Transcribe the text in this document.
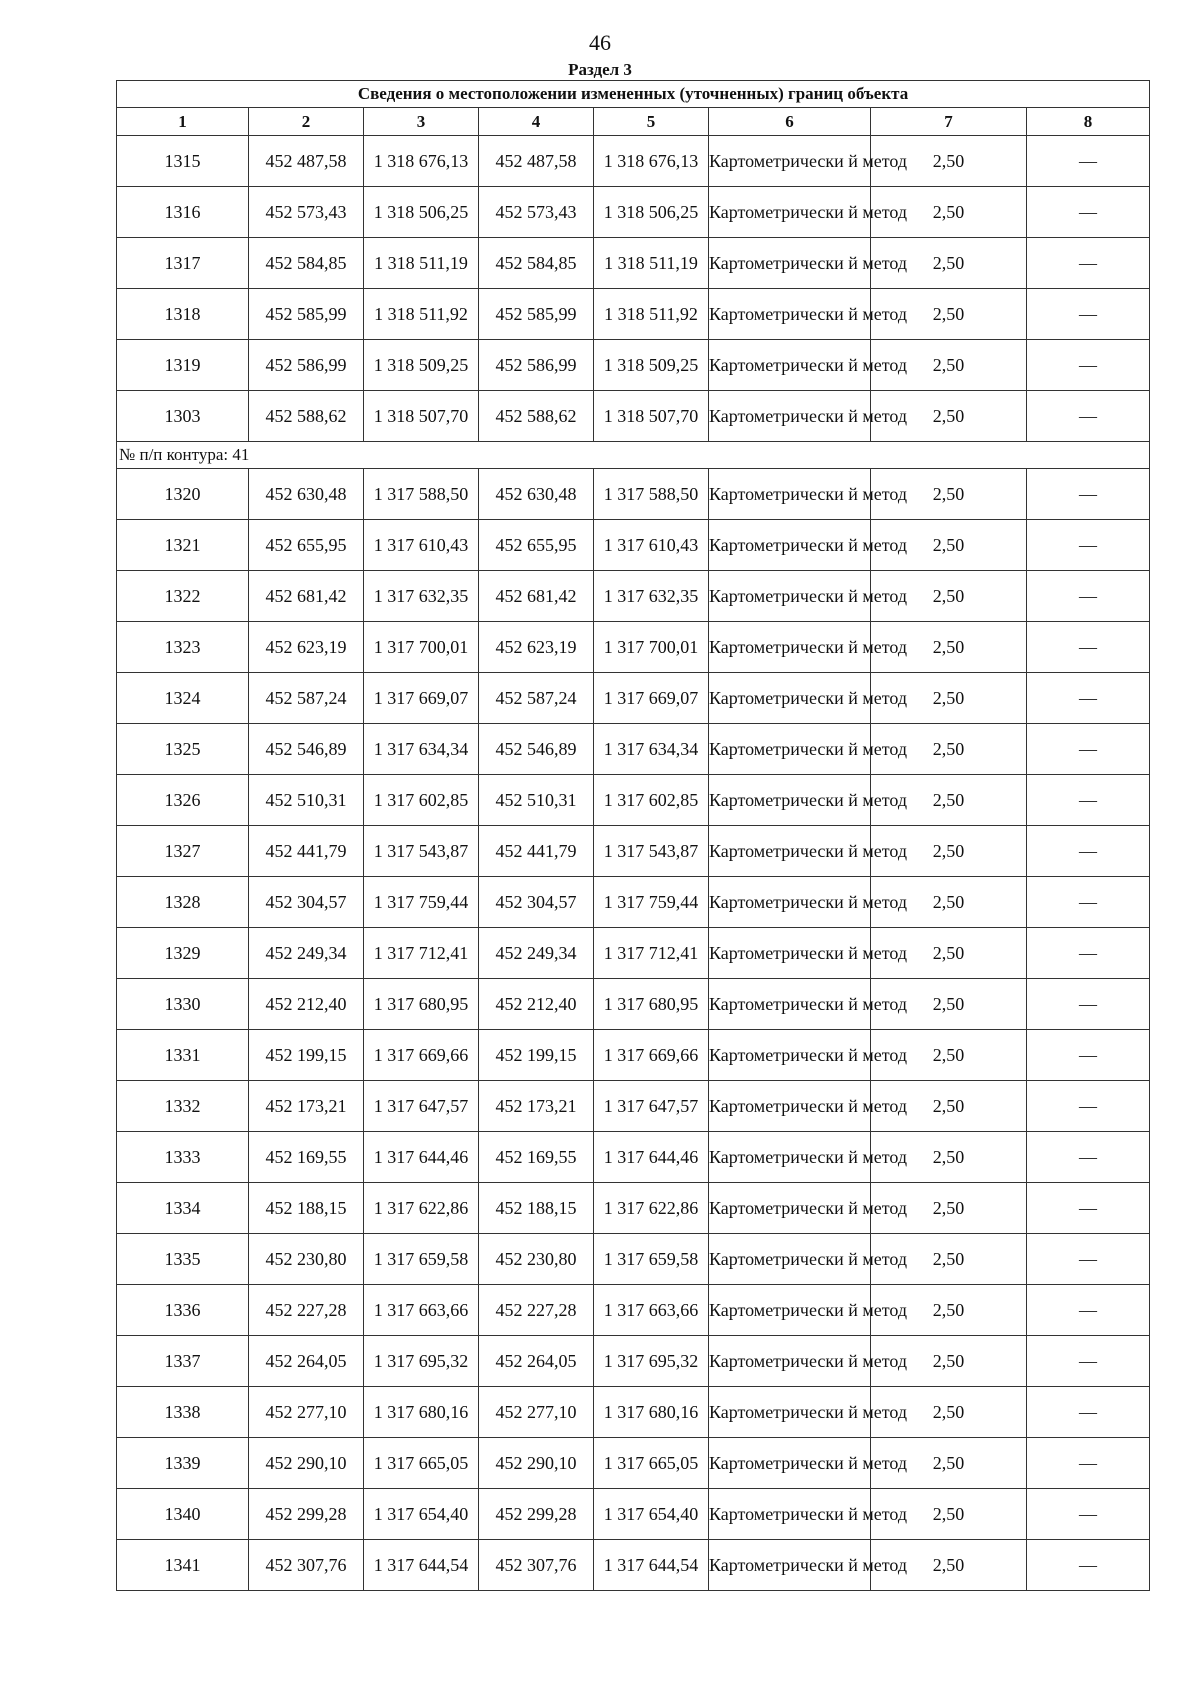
46
Раздел 3
Сведения о местоположении измененных (уточненных) границ объекта							
1	2	3	4	5	6	7	8
1315	452 487,58	1 318 676,13	452 487,58	1 318 676,13	Картометрически й метод	2,50	—
1316	452 573,43	1 318 506,25	452 573,43	1 318 506,25	Картометрически й метод	2,50	—
1317	452 584,85	1 318 511,19	452 584,85	1 318 511,19	Картометрически й метод	2,50	—
1318	452 585,99	1 318 511,92	452 585,99	1 318 511,92	Картометрически й метод	2,50	—
1319	452 586,99	1 318 509,25	452 586,99	1 318 509,25	Картометрически й метод	2,50	—
1303	452 588,62	1 318 507,70	452 588,62	1 318 507,70	Картометрически й метод	2,50	—
№ п/п контура: 41							
1320	452 630,48	1 317 588,50	452 630,48	1 317 588,50	Картометрически й метод	2,50	—
1321	452 655,95	1 317 610,43	452 655,95	1 317 610,43	Картометрически й метод	2,50	—
1322	452 681,42	1 317 632,35	452 681,42	1 317 632,35	Картометрически й метод	2,50	—
1323	452 623,19	1 317 700,01	452 623,19	1 317 700,01	Картометрически й метод	2,50	—
1324	452 587,24	1 317 669,07	452 587,24	1 317 669,07	Картометрически й метод	2,50	—
1325	452 546,89	1 317 634,34	452 546,89	1 317 634,34	Картометрически й метод	2,50	—
1326	452 510,31	1 317 602,85	452 510,31	1 317 602,85	Картометрически й метод	2,50	—
1327	452 441,79	1 317 543,87	452 441,79	1 317 543,87	Картометрически й метод	2,50	—
1328	452 304,57	1 317 759,44	452 304,57	1 317 759,44	Картометрически й метод	2,50	—
1329	452 249,34	1 317 712,41	452 249,34	1 317 712,41	Картометрически й метод	2,50	—
1330	452 212,40	1 317 680,95	452 212,40	1 317 680,95	Картометрически й метод	2,50	—
1331	452 199,15	1 317 669,66	452 199,15	1 317 669,66	Картометрически й метод	2,50	—
1332	452 173,21	1 317 647,57	452 173,21	1 317 647,57	Картометрически й метод	2,50	—
1333	452 169,55	1 317 644,46	452 169,55	1 317 644,46	Картометрически й метод	2,50	—
1334	452 188,15	1 317 622,86	452 188,15	1 317 622,86	Картометрически й метод	2,50	—
1335	452 230,80	1 317 659,58	452 230,80	1 317 659,58	Картометрически й метод	2,50	—
1336	452 227,28	1 317 663,66	452 227,28	1 317 663,66	Картометрически й метод	2,50	—
1337	452 264,05	1 317 695,32	452 264,05	1 317 695,32	Картометрически й метод	2,50	—
1338	452 277,10	1 317 680,16	452 277,10	1 317 680,16	Картометрически й метод	2,50	—
1339	452 290,10	1 317 665,05	452 290,10	1 317 665,05	Картометрически й метод	2,50	—
1340	452 299,28	1 317 654,40	452 299,28	1 317 654,40	Картометрически й метод	2,50	—
1341	452 307,76	1 317 644,54	452 307,76	1 317 644,54	Картометрически й метод	2,50	—
